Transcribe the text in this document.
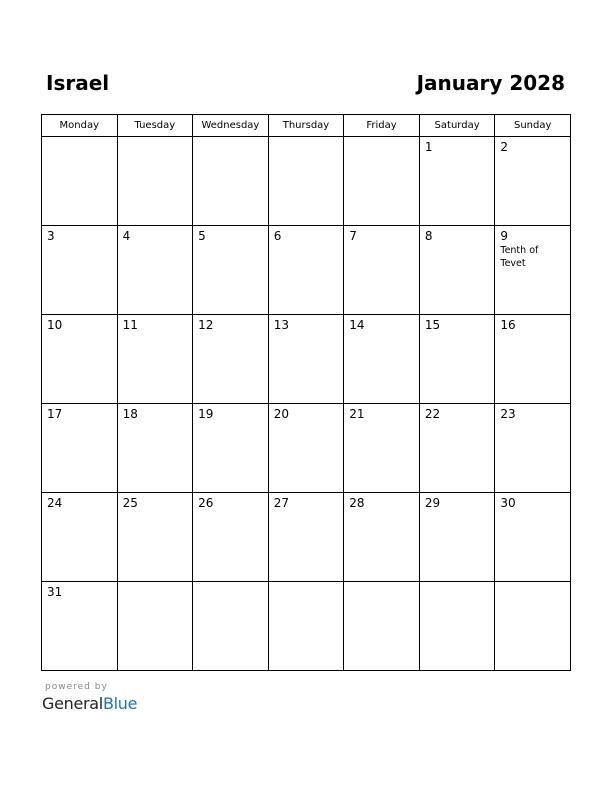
Israel	January 2028
Monday	Tuesday	Wednesday	Thursday	Friday	Saturday	Sunday

					1	2

3	4	5	6	7	8	9
Tenth of Tevet

10	11	12	13	14	15	16

17	18	19	20	21	22	23

24	25	26	27	28	29	30

31						

powered by
GeneralBlue
